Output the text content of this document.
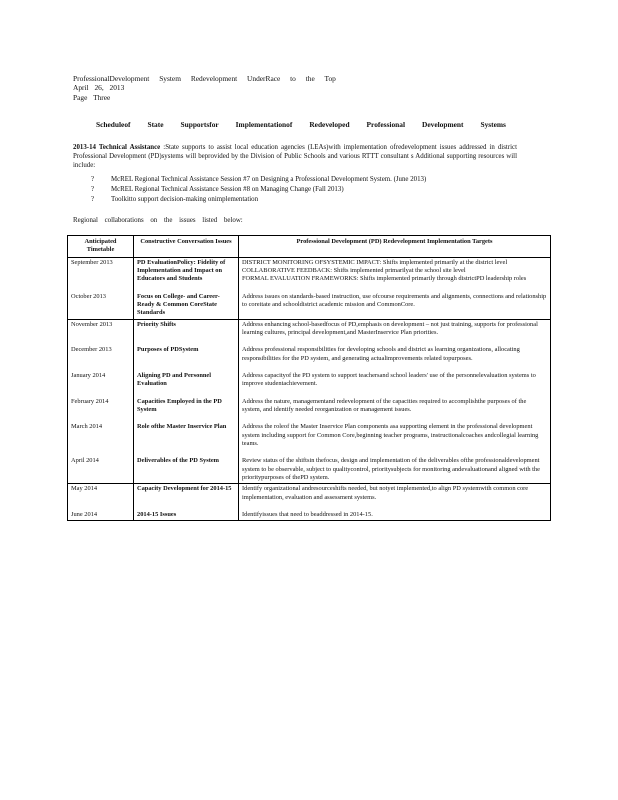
ProfessionalDevelopment System Redevelopment UnderRace to the Top
April 26, 2013
Page Three
Scheduleof State Supportsfor Implementationof Redeveloped Professional Development Systems
2013-14 Technical Assistance :State supports to assist local education agencies (LEAs)with implementation ofredevelopment issues addressed in district Professional Development (PD)systems will beprovided by the Division of Public Schools and various RTTT consultant s Additional supporting resources will include:
? McREL Regional Technical Assistance Session #7 on Designing a Professional Development System. (June 2013)
? McREL Regional Technical Assistance Session #8 on Managing Change (Fall 2013)
? Toolkitto support decision-making onimplementation
Regional collaborations on the issues listed below:
Anticipated Timetable	Constructive Conversation Issues	Professional Development (PD) Redevelopment Implementation Targets
September 2013	PD EvaluationPolicy: Fidelity of Implementation and Impact on Educators and Students	DISTRICT MONITORING OFSYSTEMIC IMPACT: Shifts implemented primarily at the district level
COLLABORATIVE FEEDBACK: Shifts implemented primarilyat the school site level
FORMAL EVALUATION FRAMEWORKS: Shifts implemented primarily through districtPD leadership roles

October 2013	Focus on College- and Career-Ready & Common CoreState Standards	Address issues on standards-based instruction, use ofcourse requirements and alignments, connections and relationship to coreitate and schooldistrict academic mission and CommonCore.

November 2013	Priority Shifts	Address enhancing school-basedfocus of PD,emphasis on development – not just training, supports for professional learning cultures, principal development,and MasterInservice Plan priorities.

December 2013	Purposes of PDSystem	Address professional responsibilities for developing schools and district as learning organizations, allocating responsibilities for the PD system, and generating actualimprovements related topurposes.

January 2014	Aligning PD and Personnel Evaluation	Address capacityof the PD system to support teachersand school leaders' use of the personnelevaluation systems to improve studentachievement.

February 2014	Capacities Employed in the PD System	Address the nature, managementand redevelopment of the capacities required to accomplishthe purposes of the system, and identify needed reorganization or management issues.

March 2014	Role ofthe Master Inservice Plan	Address the roleof the Master Inservice Plan components asa supporting element in the professional development system including support for Common Core,beginning teacher programs, instructionalcoaches andcollegial learning teams.

April 2014	Deliverables of the PD System	Review status of the shiftsin thefocus, design and implementation of the deliverables ofthe professionaldevelopment system to be observable, subject to qualitycontrol, prioritysubjects for monitoring andevaluationand aligned with the prioritypurposes of thePD system.

May 2014	Capacity Development for 2014-15	Identify organizational andresourceshifts needed, but notyet implemented,to align PD systemwith common core implementation, evaluation and assessment systems.

June 2014	2014-15 Issues	Identifyissues that need to beaddressed in 2014-15.
